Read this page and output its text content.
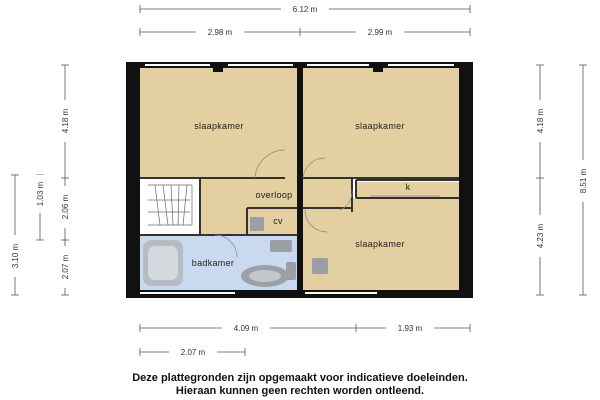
6.12 m
2.98 m	2.99 m
4.09 m	1.93 m
2.07 m
4.18 m
2.06 m
2.07 m
3.10 m
1.03 m
4.18 m
4.23 m
8.51 m
slaapkamer	slaapkamer
overloop
k
cv
slaapkamer
badkamer
Deze plattegronden zijn opgemaakt voor indicatieve doeleinden.
Hieraan kunnen geen rechten worden ontleend.
